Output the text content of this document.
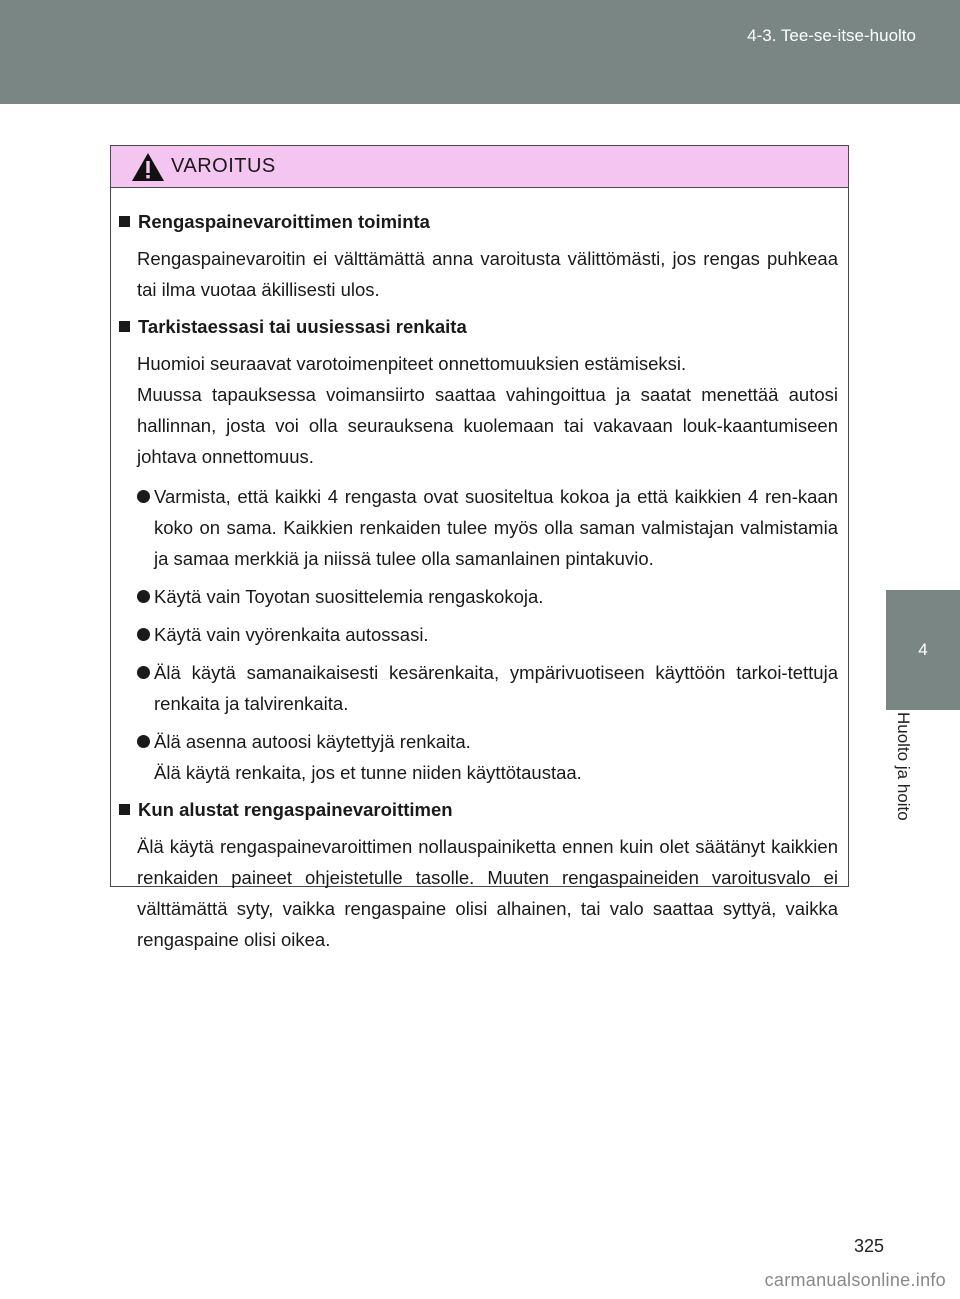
4-3. Tee-se-itse-huolto
4
Huolto ja hoito
VAROITUS
Rengaspainevaroittimen toiminta
Rengaspainevaroitin ei välttämättä anna varoitusta välittömästi, jos rengas puhkeaa tai ilma vuotaa äkillisesti ulos.
Tarkistaessasi tai uusiessasi renkaita
Huomioi seuraavat varotoimenpiteet onnettomuuksien estämiseksi.
Muussa tapauksessa voimansiirto saattaa vahingoittua ja saatat menettää autosi hallinnan, josta voi olla seurauksena kuolemaan tai vakavaan louk-kaantumiseen johtava onnettomuus.
Varmista, että kaikki 4 rengasta ovat suositeltua kokoa ja että kaikkien 4 ren-kaan koko on sama. Kaikkien renkaiden tulee myös olla saman valmistajan valmistamia ja samaa merkkiä ja niissä tulee olla samanlainen pintakuvio.
Käytä vain Toyotan suosittelemia rengaskokoja.
Käytä vain vyörenkaita autossasi.
Älä käytä samanaikaisesti kesärenkaita, ympärivuotiseen käyttöön tarkoi-tettuja renkaita ja talvirenkaita.
Älä asenna autoosi käytettyjä renkaita.
Älä käytä renkaita, jos et tunne niiden käyttötaustaa.
Kun alustat rengaspainevaroittimen
Älä käytä rengaspainevaroittimen nollauspainiketta ennen kuin olet säätänyt kaikkien renkaiden paineet ohjeistetulle tasolle. Muuten rengaspaineiden varoitusvalo ei välttämättä syty, vaikka rengaspaine olisi alhainen, tai valo saattaa syttyä, vaikka rengaspaine olisi oikea.
325
carmanualsonline.info
